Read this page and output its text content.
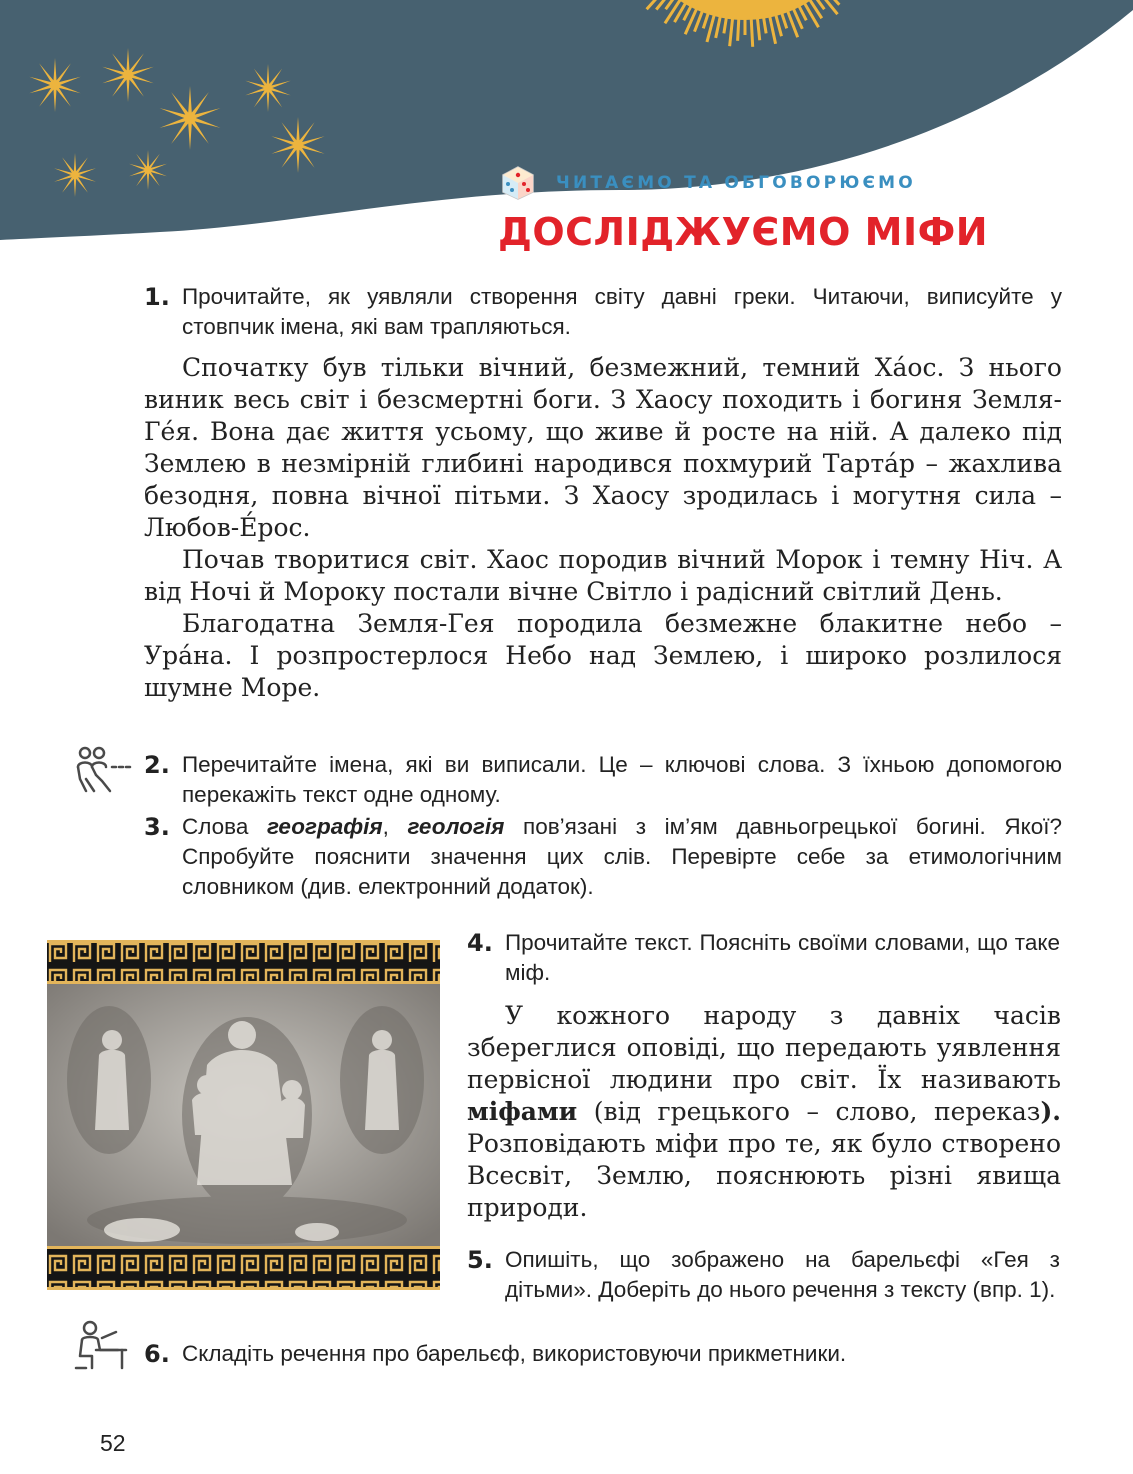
ЧИТАЄМО ТА ОБГОВОРЮЄМО
ДОСЛІДЖУЄМО МІФИ
1. Прочитайте, як уявляли створення світу давні греки. Читаючи, виписуйте у стовпчик імена, які вам трапляються.

Спочатку був тільки вічний, безмежний, темний Ха́ос. З нього виник весь світ і безсмертні боги. З Хаосу походить і богиня Земля-Ге́я. Вона дає життя усьому, що живе й росте на ній. А далеко під Землею в незмірній глибині народився похмурий Тарта́р – жахлива безодня, повна вічної пітьми. З Хаосу зродилась і могутня сила – Любов-Е́рос.

Почав творитися світ. Хаос породив вічний Морок і темну Ніч. А від Ночі й Мороку постали вічне Світло і радісний світлий День.

Благодатна Земля-Гея породила безмежне блакитне небо – Ура́на. І розпростерлося Небо над Землею, і широко розлилося шумне Море.

2. Перечитайте імена, які ви виписали. Це – ключові слова. З їхньою допомогою перекажіть текст одне одному.
3. Слова географія, геологія пов’язані з ім’ям давньогрецької богині. Якої? Спробуйте пояснити значення цих слів. Перевірте себе за етимологічним словником (див. електронний додаток).
4. Прочитайте текст. Поясніть своїми словами, що таке міф.

У кожного народу з давніх часів збереглися оповіді, що передають уявлення первісної людини про світ. Їх називають міфами (від грецького – слово, переказ). Розповідають міфи про те, як було створено Всесвіт, Землю, пояснюють різні явища природи.

5. Опишіть, що зображено на барельєфі «Гея з дітьми». Доберіть до нього речення з тексту (впр. 1).
6. Складіть речення про барельєф, використовуючи прикметники.
52
